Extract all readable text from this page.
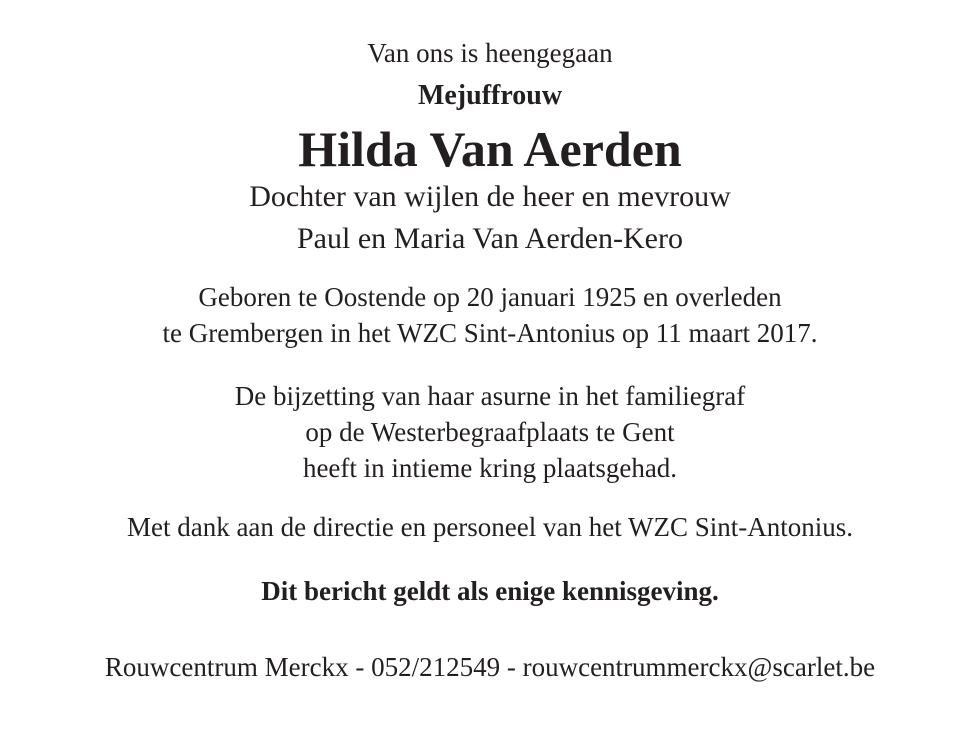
Van ons is heengegaan
Mejuffrouw
Hilda Van Aerden
Dochter van wijlen de heer en mevrouw
Paul en Maria Van Aerden-Kero
Geboren te Oostende op 20 januari 1925 en overleden
te Grembergen in het WZC Sint-Antonius op 11 maart 2017.
De bijzetting van haar asurne in het familiegraf
op de Westerbegraafplaats te Gent
heeft in intieme kring plaatsgehad.
Met dank aan de directie en personeel van het WZC Sint-Antonius.
Dit bericht geldt als enige kennisgeving.
Rouwcentrum Merckx - 052/212549 - rouwcentrummerckx@scarlet.be
